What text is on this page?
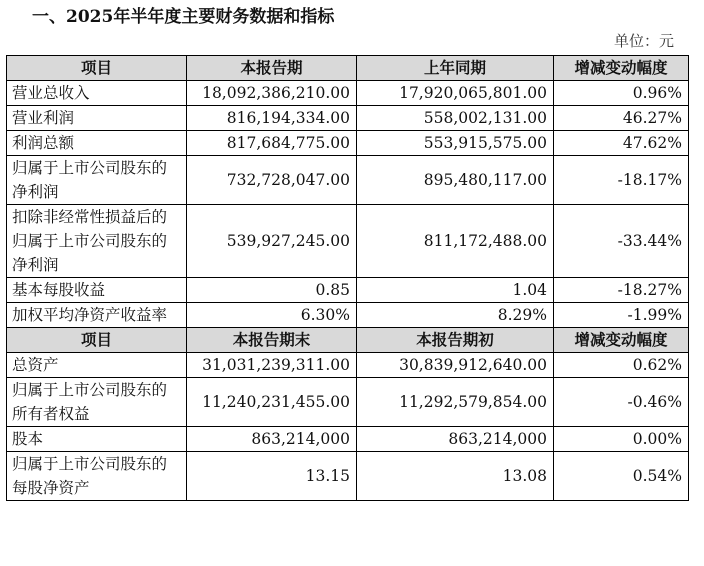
一、2025年半年度主要财务数据和指标
单位：元
项目	本报告期	上年同期	增减变动幅度
营业总收入	18,092,386,210.00	17,920,065,801.00	0.96%
营业利润	816,194,334.00	558,002,131.00	46.27%
利润总额	817,684,775.00	553,915,575.00	47.62%
归属于上市公司股东的净利润	732,728,047.00	895,480,117.00	-18.17%
扣除非经常性损益后的归属于上市公司股东的净利润	539,927,245.00	811,172,488.00	-33.44%
基本每股收益	0.85	1.04	-18.27%
加权平均净资产收益率	6.30%	8.29%	-1.99%
项目	本报告期末	本报告期初	增减变动幅度
总资产	31,031,239,311.00	30,839,912,640.00	0.62%
归属于上市公司股东的所有者权益	11,240,231,455.00	11,292,579,854.00	-0.46%
股本	863,214,000	863,214,000	0.00%
归属于上市公司股东的每股净资产	13.15	13.08	0.54%
